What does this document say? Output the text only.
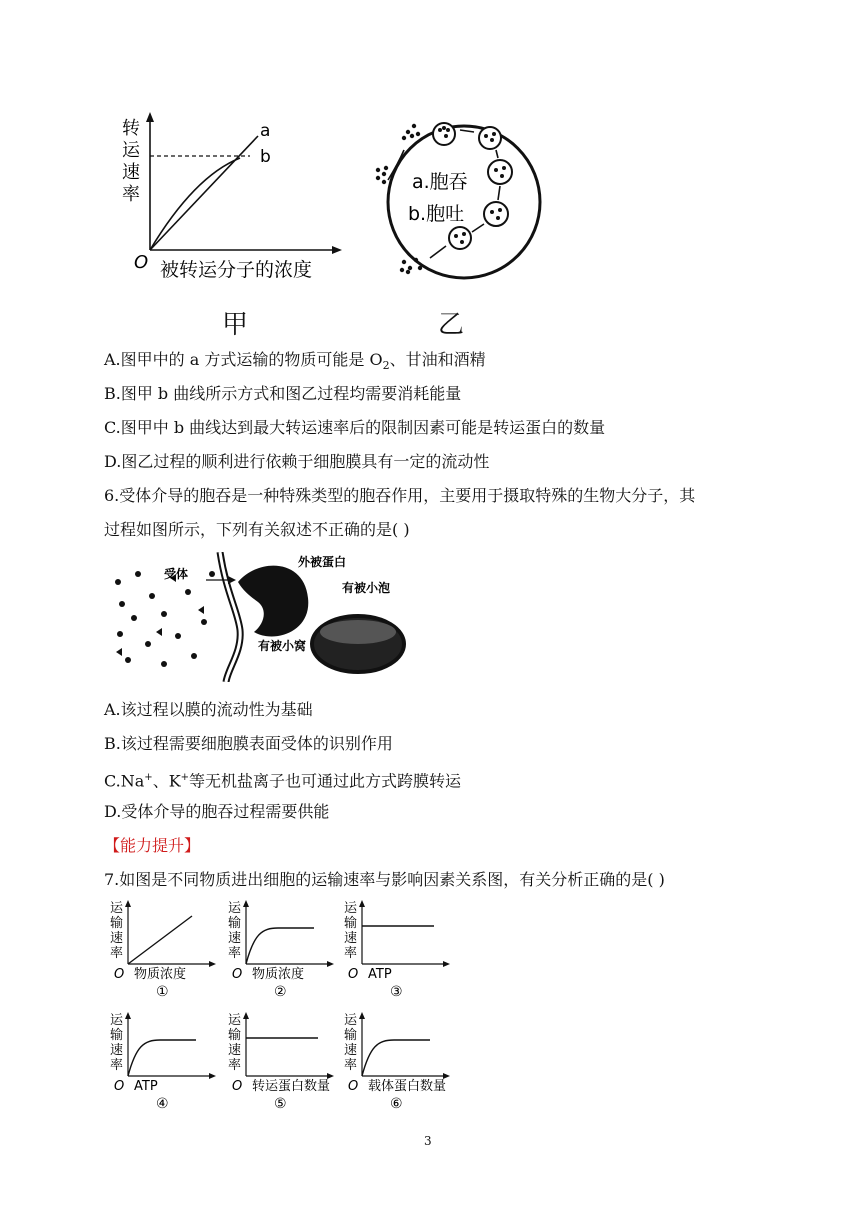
转
运
速
率
a
b
O 被转运分子的浓度
甲
a.胞吞
b.胞吐
乙
A.图甲中的 a 方式运输的物质可能是 $O_2$、甘油和酒精
B.图甲 b 曲线所示方式和图乙过程均需要消耗能量
C.图甲中 b 曲线达到最大转运速率后的限制因素可能是转运蛋白的数量
D.图乙过程的顺利进行依赖于细胞膜具有一定的流动性
6.受体介导的胞吞是一种特殊类型的胞吞作用，主要用于摄取特殊的生物大分子，其
过程如图所示，下列有关叙述不正确的是( )
受体
外被蛋白
有被小泡
有被小窝
A.该过程以膜的流动性为基础
B.该过程需要细胞膜表面受体的识别作用
C.Na+、K+等无机盐离子也可通过此方式跨膜转运
D.受体介导的胞吞过程需要供能
【能力提升】
7.如图是不同物质进出细胞的运输速率与影响因素关系图，有关分析正确的是( )
运
输
速
率
O 物质浓度
①
运
输
速
率
O 物质浓度
②
运
输
速
率
O ATP
③
运
输
速
率
O ATP
④
运
输
速
率
O 转运蛋白数量
⑤
运
输
速
率
O 载体蛋白数量
⑥
3
